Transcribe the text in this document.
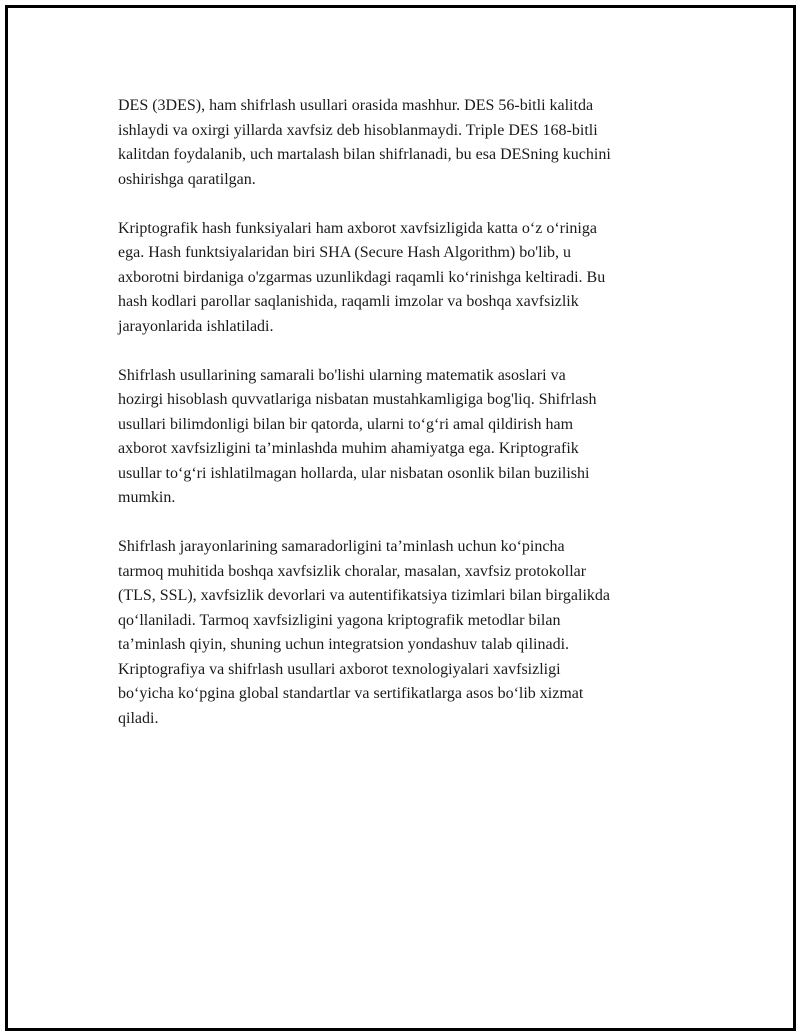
DES (3DES), ham shifrlash usullari orasida mashhur. DES 56-bitli kalitda
ishlaydi va oxirgi yillarda xavfsiz deb hisoblanmaydi. Triple DES 168-bitli
kalitdan foydalanib, uch martalash bilan shifrlanadi, bu esa DESning kuchini
oshirishga qaratilgan.
Kriptografik hash funksiyalari ham axborot xavfsizligida katta o‘z o‘riniga
ega. Hash funktsiyalaridan biri SHA (Secure Hash Algorithm) bo'lib, u
axborotni birdaniga o'zgarmas uzunlikdagi raqamli ko‘rinishga keltiradi. Bu
hash kodlari parollar saqlanishida, raqamli imzolar va boshqa xavfsizlik
jarayonlarida ishlatiladi.
Shifrlash usullarining samarali bo'lishi ularning matematik asoslari va
hozirgi hisoblash quvvatlariga nisbatan mustahkamligiga bog'liq. Shifrlash
usullari bilimdonligi bilan bir qatorda, ularni to‘g‘ri amal qildirish ham
axborot xavfsizligini ta’minlashda muhim ahamiyatga ega. Kriptografik
usullar to‘g‘ri ishlatilmagan hollarda, ular nisbatan osonlik bilan buzilishi
mumkin.
Shifrlash jarayonlarining samaradorligini ta’minlash uchun ko‘pincha
tarmoq muhitida boshqa xavfsizlik choralar, masalan, xavfsiz protokollar
(TLS, SSL), xavfsizlik devorlari va autentifikatsiya tizimlari bilan birgalikda
qo‘llaniladi. Tarmoq xavfsizligini yagona kriptografik metodlar bilan
ta’minlash qiyin, shuning uchun integratsion yondashuv talab qilinadi.
Kriptografiya va shifrlash usullari axborot texnologiyalari xavfsizligi
bo‘yicha ko‘pgina global standartlar va sertifikatlarga asos bo‘lib xizmat
qiladi.
